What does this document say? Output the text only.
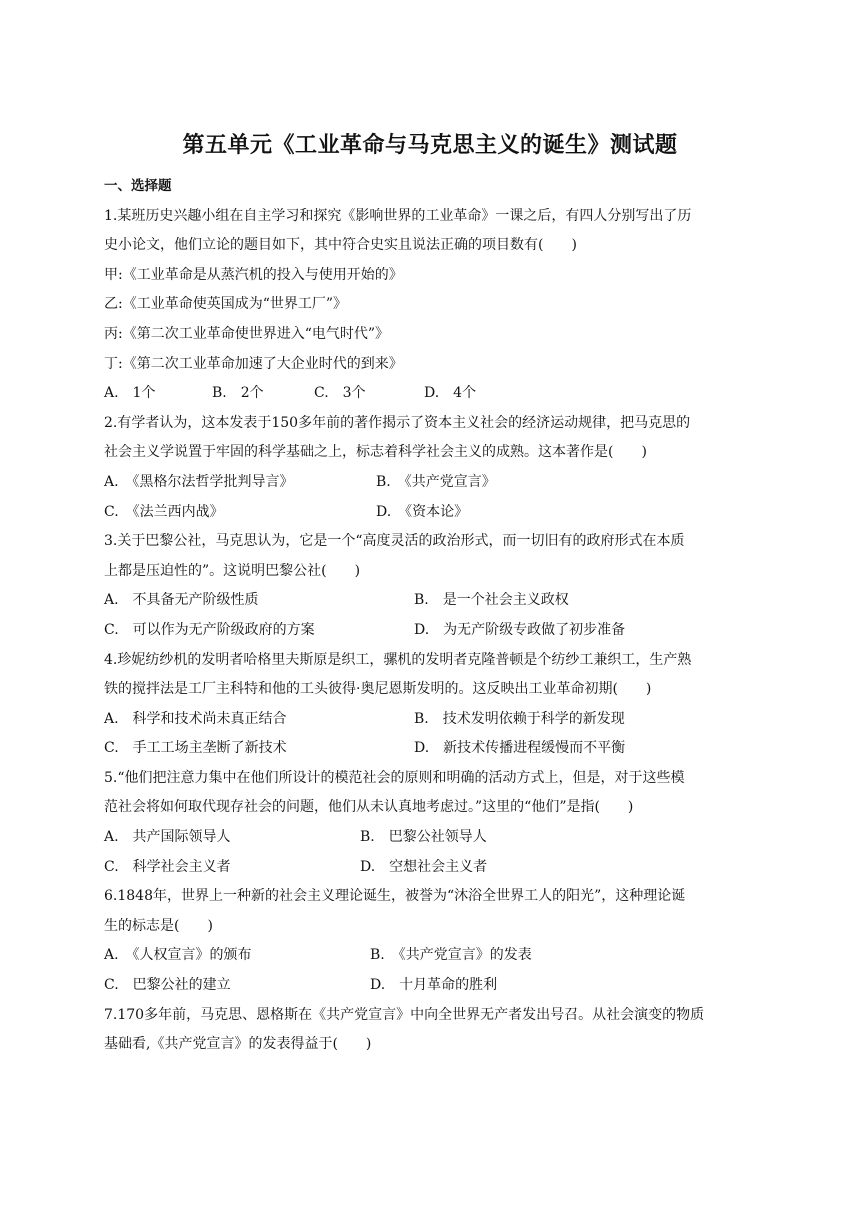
第五单元《工业革命与马克思主义的诞生》测试题
一、选择题
1.某班历史兴趣小组在自主学习和探究《影响世界的工业革命》一课之后，有四人分别写出了历
史小论文，他们立论的题目如下，其中符合史实且说法正确的项目数有(　　)
甲:《工业革命是从蒸汽机的投入与使用开始的》
乙:《工业革命使英国成为“世界工厂”》
丙:《第二次工业革命使世界进入“电气时代”》
丁:《第二次工业革命加速了大企业时代的到来》
A.　1个	B.　2个	C.　3个	D.　4个
2.有学者认为，这本发表于150多年前的著作揭示了资本主义社会的经济运动规律，把马克思的
社会主义学说置于牢固的科学基础之上，标志着科学社会主义的成熟。这本著作是(　　)
A.　《黑格尔法哲学批判导言》	B.　《共产党宣言》
C.　《法兰西内战》	D.　《资本论》
3.关于巴黎公社，马克思认为，它是一个“高度灵活的政治形式，而一切旧有的政府形式在本质
上都是压迫性的”。这说明巴黎公社(　　)
A.　不具备无产阶级性质	B.　是一个社会主义政权
C.　可以作为无产阶级政府的方案	D.　为无产阶级专政做了初步准备
4.珍妮纺纱机的发明者哈格里夫斯原是织工，骡机的发明者克隆普顿是个纺纱工兼织工，生产熟
铁的搅拌法是工厂主科特和他的工头彼得·奥尼恩斯发明的。这反映出工业革命初期(　　)
A.　科学和技术尚未真正结合	B.　技术发明依赖于科学的新发现
C.　手工工场主垄断了新技术	D.　新技术传播进程缓慢而不平衡
5.“他们把注意力集中在他们所设计的模范社会的原则和明确的活动方式上，但是，对于这些模
范社会将如何取代现存社会的问题，他们从未认真地考虑过。”这里的“他们”是指(　　)
A.　共产国际领导人	B.　巴黎公社领导人
C.　科学社会主义者	D.　空想社会主义者
6.1848年，世界上一种新的社会主义理论诞生，被誉为“沐浴全世界工人的阳光”，这种理论诞
生的标志是(　　)
A.　《人权宣言》的颁布	B.　《共产党宣言》的发表
C.　巴黎公社的建立	D.　十月革命的胜利
7.170多年前，马克思、恩格斯在《共产党宣言》中向全世界无产者发出号召。从社会演变的物质
基础看,《共产党宣言》的发表得益于(　　)
